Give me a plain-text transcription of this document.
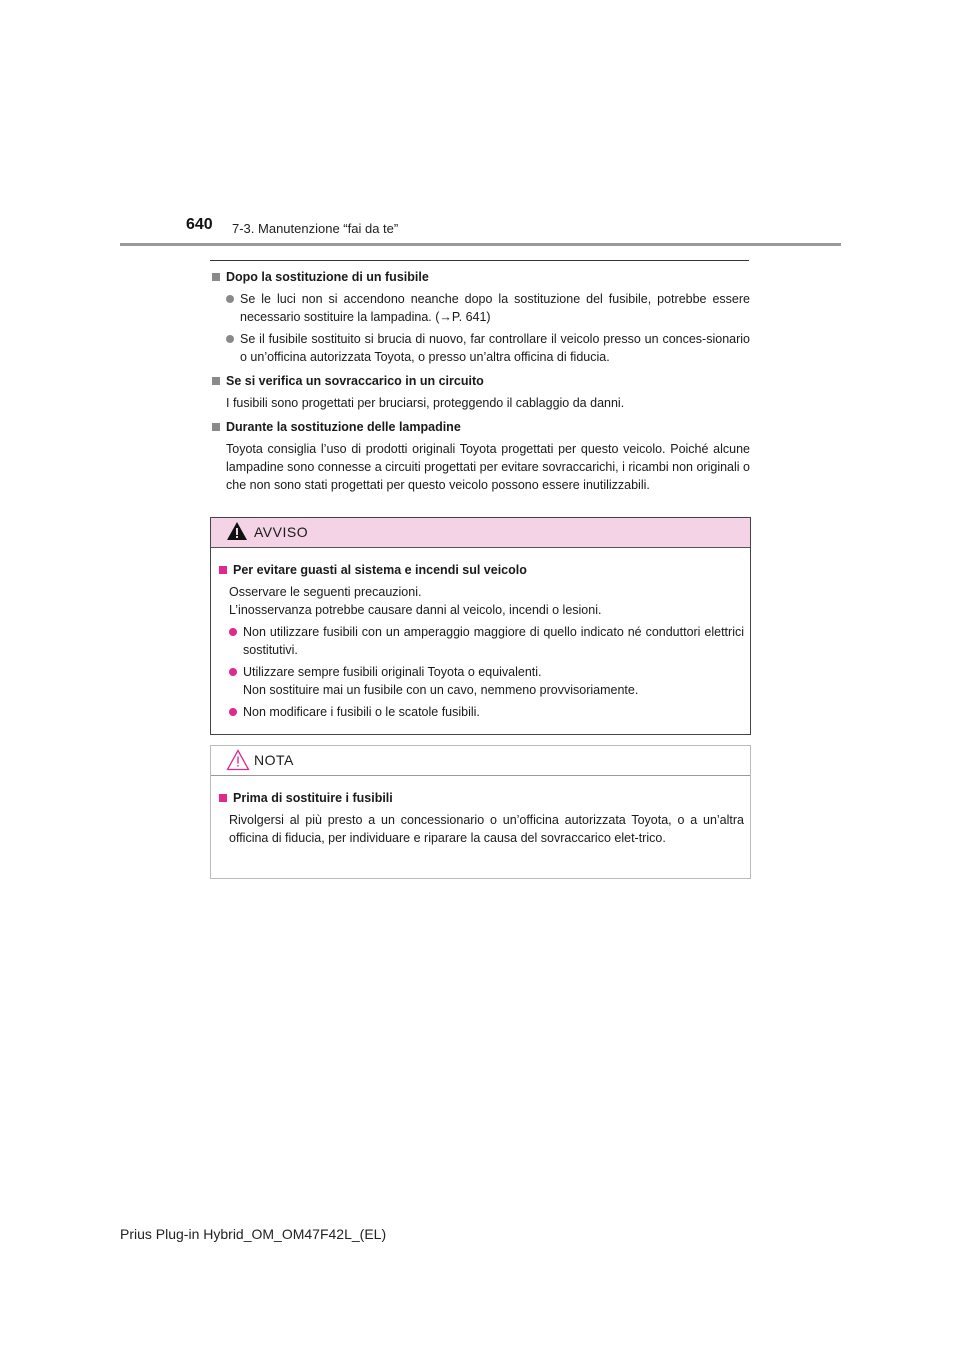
640 7-3. Manutenzione “fai da te”
Dopo la sostituzione di un fusibile
Se le luci non si accendono neanche dopo la sostituzione del fusibile, potrebbe essere necessario sostituire la lampadina. (→P. 641)
Se il fusibile sostituito si brucia di nuovo, far controllare il veicolo presso un conces-sionario o un’officina autorizzata Toyota, o presso un’altra officina di fiducia.
Se si verifica un sovraccarico in un circuito
I fusibili sono progettati per bruciarsi, proteggendo il cablaggio da danni.
Durante la sostituzione delle lampadine
Toyota consiglia l’uso di prodotti originali Toyota progettati per questo veicolo. Poiché alcune lampadine sono connesse a circuiti progettati per evitare sovraccarichi, i ricambi non originali o che non sono stati progettati per questo veicolo possono essere inutilizzabili.
AVVISO
Per evitare guasti al sistema e incendi sul veicolo
Osservare le seguenti precauzioni.
L’inosservanza potrebbe causare danni al veicolo, incendi o lesioni.
Non utilizzare fusibili con un amperaggio maggiore di quello indicato né conduttori elettrici sostitutivi.
Utilizzare sempre fusibili originali Toyota o equivalenti.
Non sostituire mai un fusibile con un cavo, nemmeno provvisoriamente.
Non modificare i fusibili o le scatole fusibili.
NOTA
Prima di sostituire i fusibili
Rivolgersi al più presto a un concessionario o un’officina autorizzata Toyota, o a un’altra officina di fiducia, per individuare e riparare la causa del sovraccarico elet-trico.
Prius Plug-in Hybrid_OM_OM47F42L_(EL)
